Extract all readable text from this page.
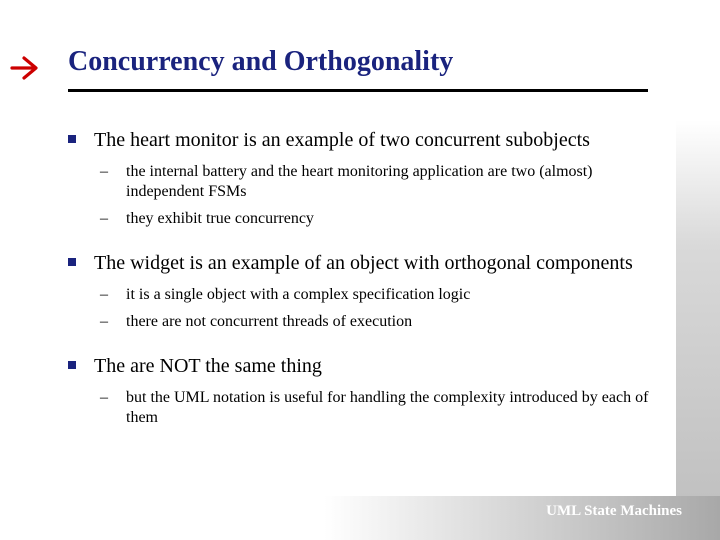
UML State Machines
Concurrency and Orthogonality
The heart monitor is an example of two concurrent subobjects
– the internal battery and the heart monitoring application are two (almost) independent FSMs
– they exhibit true concurrency
The widget is an example of an object with orthogonal components
– it is a single object with a complex specification logic
– there are not concurrent threads of execution
The are NOT the same thing
– but the UML notation is useful for handling the complexity introduced by each of them
